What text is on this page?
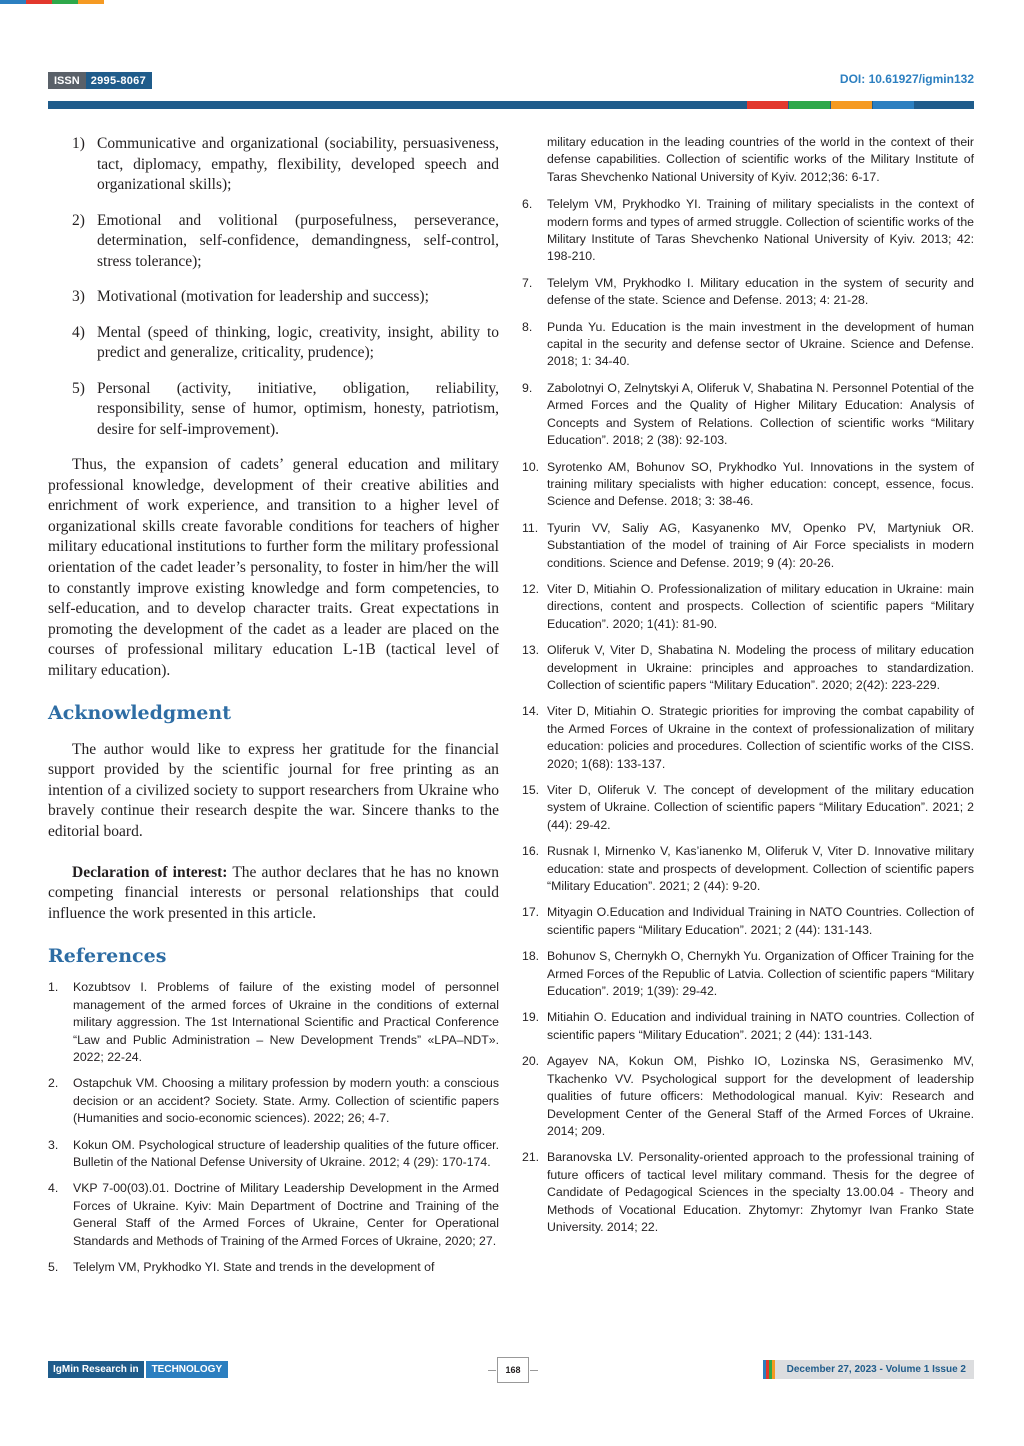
ISSN	2995-8067	DOI: 10.61927/igmin132
1) Communicative and organizational (sociability, persuasiveness, tact, diplomacy, empathy, flexibility, developed speech and organizational skills);
2) Emotional and volitional (purposefulness, perseverance, determination, self-confidence, demandingness, self-control, stress tolerance);
3) Motivational (motivation for leadership and success);
4) Mental (speed of thinking, logic, creativity, insight, ability to predict and generalize, criticality, prudence);
5) Personal (activity, initiative, obligation, reliability, responsibility, sense of humor, optimism, honesty, patriotism, desire for self-improvement).

Thus, the expansion of cadets’ general education and military professional knowledge, development of their creative abilities and enrichment of work experience, and transition to a higher level of organizational skills create favorable conditions for teachers of higher military educational institutions to further form the military professional orientation of the cadet leader’s personality, to foster in him/her the will to constantly improve existing knowledge and form competencies, to self-education, and to develop character traits. Great expectations in promoting the development of the cadet as a leader are placed on the courses of professional military education L-1B (tactical level of military education).

Acknowledgment

The author would like to express her gratitude for the financial support provided by the scientific journal for free printing as an intention of a civilized society to support researchers from Ukraine who bravely continue their research despite the war. Sincere thanks to the editorial board.

Declaration of interest: The author declares that he has no known competing financial interests or personal relationships that could influence the work presented in this article.

References
1. Kozubtsov I. Problems of failure of the existing model of personnel management of the armed forces of Ukraine in the conditions of external military aggression. The 1st International Scientific and Practical Conference “Law and Public Administration – New Development Trends” «LPA–NDT». 2022; 22-24.
2. Ostapchuk VM. Choosing a military profession by modern youth: a conscious decision or an accident? Society. State. Army. Collection of scientific papers (Humanities and socio-economic sciences). 2022; 26; 4-7.
3. Kokun OM. Psychological structure of leadership qualities of the future officer. Bulletin of the National Defense University of Ukraine. 2012; 4 (29): 170-174.
4. VKP 7-00(03).01. Doctrine of Military Leadership Development in the Armed Forces of Ukraine. Kyiv: Main Department of Doctrine and Training of the General Staff of the Armed Forces of Ukraine, Center for Operational Standards and Methods of Training of the Armed Forces of Ukraine, 2020; 27.
5. Telelym VM, Prykhodko YI. State and trends in the development of
military education in the leading countries of the world in the context of their defense capabilities. Collection of scientific works of the Military Institute of Taras Shevchenko National University of Kyiv. 2012;36: 6-17.
6. Telelym VM, Prykhodko YI. Training of military specialists in the context of modern forms and types of armed struggle. Collection of scientific works of the Military Institute of Taras Shevchenko National University of Kyiv. 2013; 42: 198-210.
7. Telelym VM, Prykhodko I. Military education in the system of security and defense of the state. Science and Defense. 2013; 4: 21-28.
8. Punda Yu. Education is the main investment in the development of human capital in the security and defense sector of Ukraine. Science and Defense. 2018; 1: 34-40.
9. Zabolotnyi O, Zelnytskyi A, Oliferuk V, Shabatina N. Personnel Potential of the Armed Forces and the Quality of Higher Military Education: Analysis of Concepts and System of Relations. Collection of scientific works “Military Education”. 2018; 2 (38): 92-103.
10. Syrotenko AM, Bohunov SO, Prykhodko YuI. Innovations in the system of training military specialists with higher education: concept, essence, focus. Science and Defense. 2018; 3: 38-46.
11. Tyurin VV, Saliy AG, Kasyanenko MV, Openko PV, Martyniuk OR. Substantiation of the model of training of Air Force specialists in modern conditions. Science and Defense. 2019; 9 (4): 20-26.
12. Viter D, Mitiahin O. Professionalization of military education in Ukraine: main directions, content and prospects. Collection of scientific papers “Military Education”. 2020; 1(41): 81-90.
13. Oliferuk V, Viter D, Shabatina N. Modeling the process of military education development in Ukraine: principles and approaches to standardization. Collection of scientific papers “Military Education”. 2020; 2(42): 223-229.
14. Viter D, Mitiahin O. Strategic priorities for improving the combat capability of the Armed Forces of Ukraine in the context of professionalization of military education: policies and procedures. Collection of scientific works of the CISS. 2020; 1(68): 133-137.
15. Viter D, Oliferuk V. The concept of development of the military education system of Ukraine. Collection of scientific papers “Military Education”. 2021; 2 (44): 29-42.
16. Rusnak I, Mirnenko V, Kas’ianenko M, Oliferuk V, Viter D. Innovative military education: state and prospects of development. Collection of scientific papers “Military Education”. 2021; 2 (44): 9-20.
17. Mityagin O.Education and Individual Training in NATO Countries. Collection of scientific papers “Military Education”. 2021; 2 (44): 131-143.
18. Bohunov S, Chernykh O, Chernykh Yu. Organization of Officer Training for the Armed Forces of the Republic of Latvia. Collection of scientific papers “Military Education”. 2019; 1(39): 29-42.
19. Mitiahin O. Education and individual training in NATO countries. Collection of scientific papers “Military Education”. 2021; 2 (44): 131-143.
20. Agayev NA, Kokun OM, Pishko IO, Lozinska NS, Gerasimenko MV, Tkachenko VV. Psychological support for the development of leadership qualities of future officers: Methodological manual. Kyiv: Research and Development Center of the General Staff of the Armed Forces of Ukraine. 2014; 209.
21. Baranovska LV. Personality-oriented approach to the professional training of future officers of tactical level military command. Thesis for the degree of Candidate of Pedagogical Sciences in the specialty 13.00.04 - Theory and Methods of Vocational Education. Zhytomyr: Zhytomyr Ivan Franko State University. 2014; 22.
IgMin Research in	TECHNOLOGY	168	December 27, 2023 - Volume 1 Issue 2
